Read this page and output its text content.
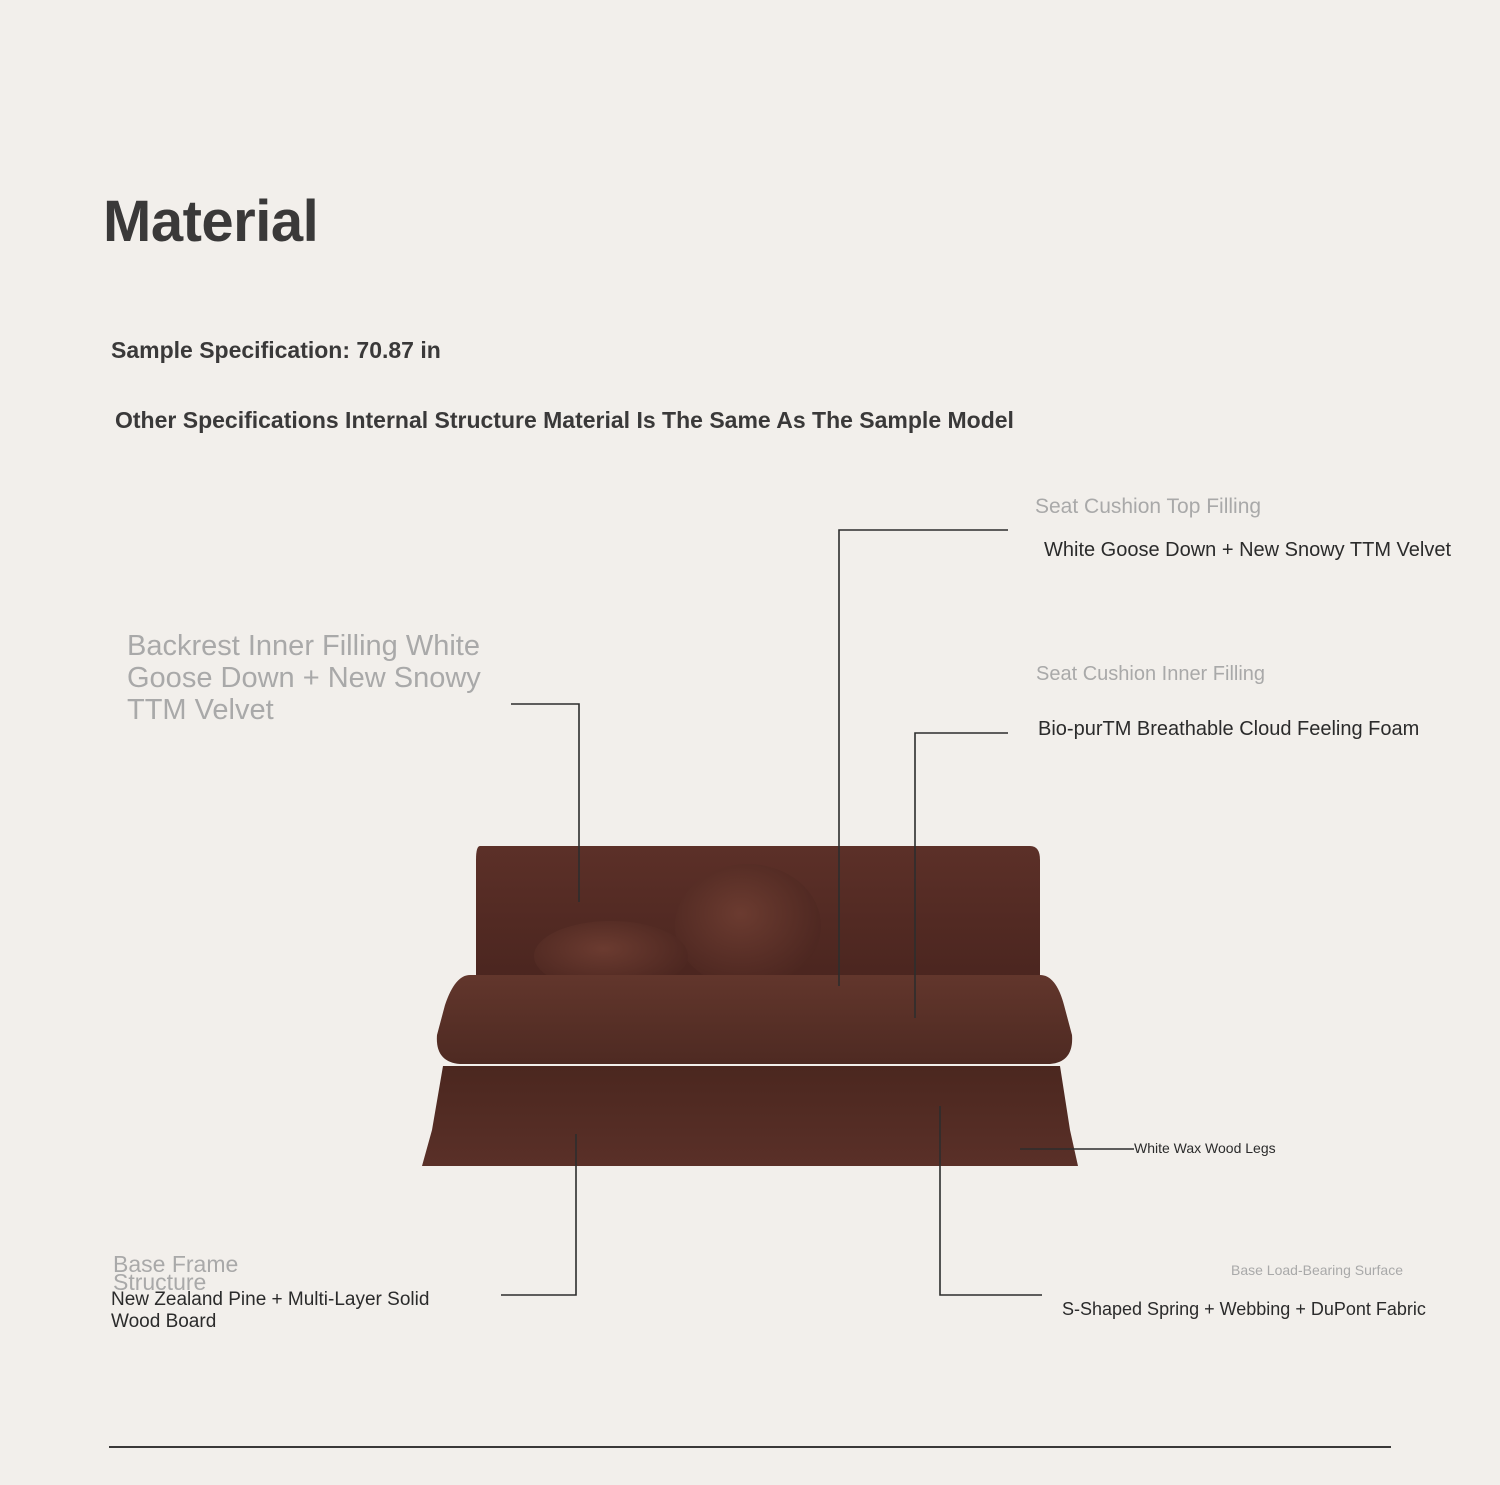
Material
Sample Specification: 70.87 in
Other Specifications Internal Structure Material Is The Same As The Sample Model
Seat Cushion Top Filling
White Goose Down + New Snowy TTM Velvet
Seat Cushion Inner Filling
Bio-purTM Breathable Cloud Feeling Foam
Backrest Inner Filling White Goose Down + New Snowy TTM Velvet
White Wax Wood Legs
Base Frame Structure
New Zealand Pine + Multi-Layer Solid Wood Board
Base Load-Bearing Surface
S-Shaped Spring + Webbing + DuPont Fabric
